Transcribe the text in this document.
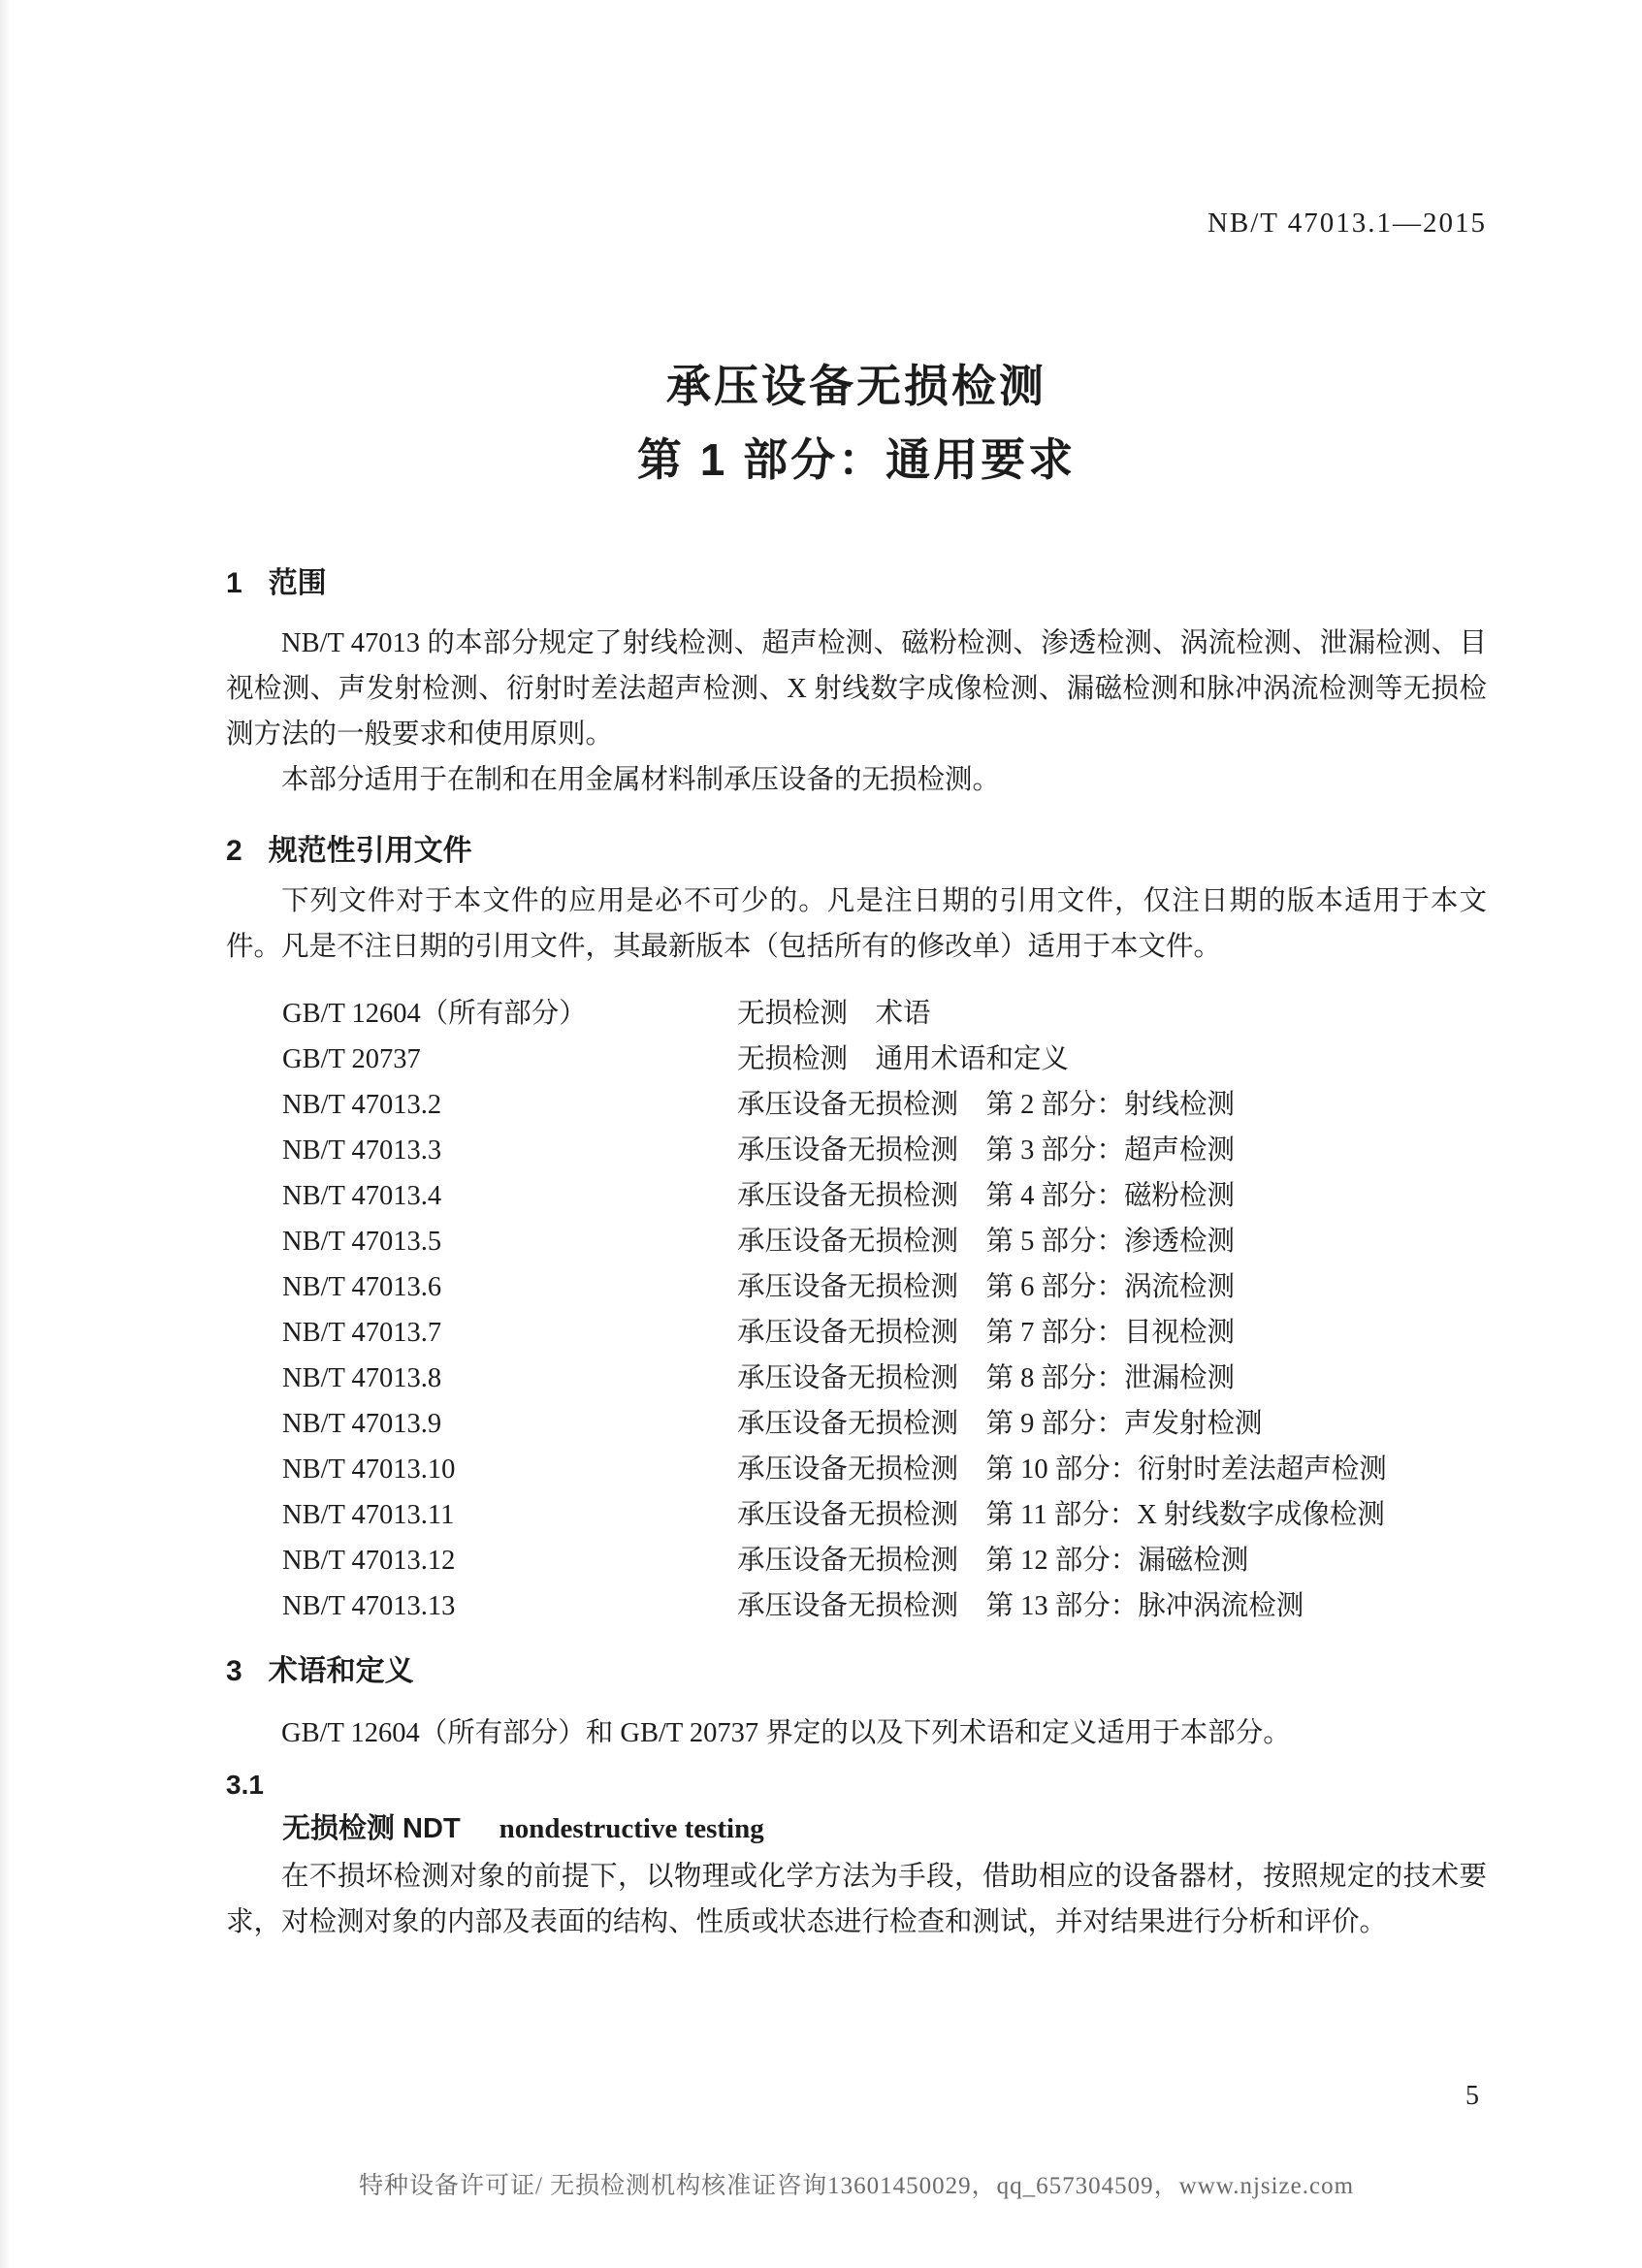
NB/T 47013.1—2015
承压设备无损检测
第 1 部分：通用要求
1 范围

NB/T 47013 的本部分规定了射线检测、超声检测、磁粉检测、渗透检测、涡流检测、泄漏检测、目视检测、声发射检测、衍射时差法超声检测、X 射线数字成像检测、漏磁检测和脉冲涡流检测等无损检测方法的一般要求和使用原则。

本部分适用于在制和在用金属材料制承压设备的无损检测。

2 规范性引用文件

下列文件对于本文件的应用是必不可少的。凡是注日期的引用文件，仅注日期的版本适用于本文件。凡是不注日期的引用文件，其最新版本（包括所有的修改单）适用于本文件。

GB/T 12604（所有部分）	无损检测　术语
GB/T 20737	无损检测　通用术语和定义
NB/T 47013.2	承压设备无损检测　第 2 部分：射线检测
NB/T 47013.3	承压设备无损检测　第 3 部分：超声检测
NB/T 47013.4	承压设备无损检测　第 4 部分：磁粉检测
NB/T 47013.5	承压设备无损检测　第 5 部分：渗透检测
NB/T 47013.6	承压设备无损检测　第 6 部分：涡流检测
NB/T 47013.7	承压设备无损检测　第 7 部分：目视检测
NB/T 47013.8	承压设备无损检测　第 8 部分：泄漏检测
NB/T 47013.9	承压设备无损检测　第 9 部分：声发射检测
NB/T 47013.10	承压设备无损检测　第 10 部分：衍射时差法超声检测
NB/T 47013.11	承压设备无损检测　第 11 部分：X 射线数字成像检测
NB/T 47013.12	承压设备无损检测　第 12 部分：漏磁检测
NB/T 47013.13	承压设备无损检测　第 13 部分：脉冲涡流检测
3 术语和定义

GB/T 12604（所有部分）和 GB/T 20737 界定的以及下列术语和定义适用于本部分。

3.1
无损检测 NDT nondestructive testing

在不损坏检测对象的前提下，以物理或化学方法为手段，借助相应的设备器材，按照规定的技术要求，对检测对象的内部及表面的结构、性质或状态进行检查和测试，并对结果进行分析和评价。

5
特种设备许可证/ 无损检测机构核准证咨询13601450029，qq_657304509，www.njsize.com
